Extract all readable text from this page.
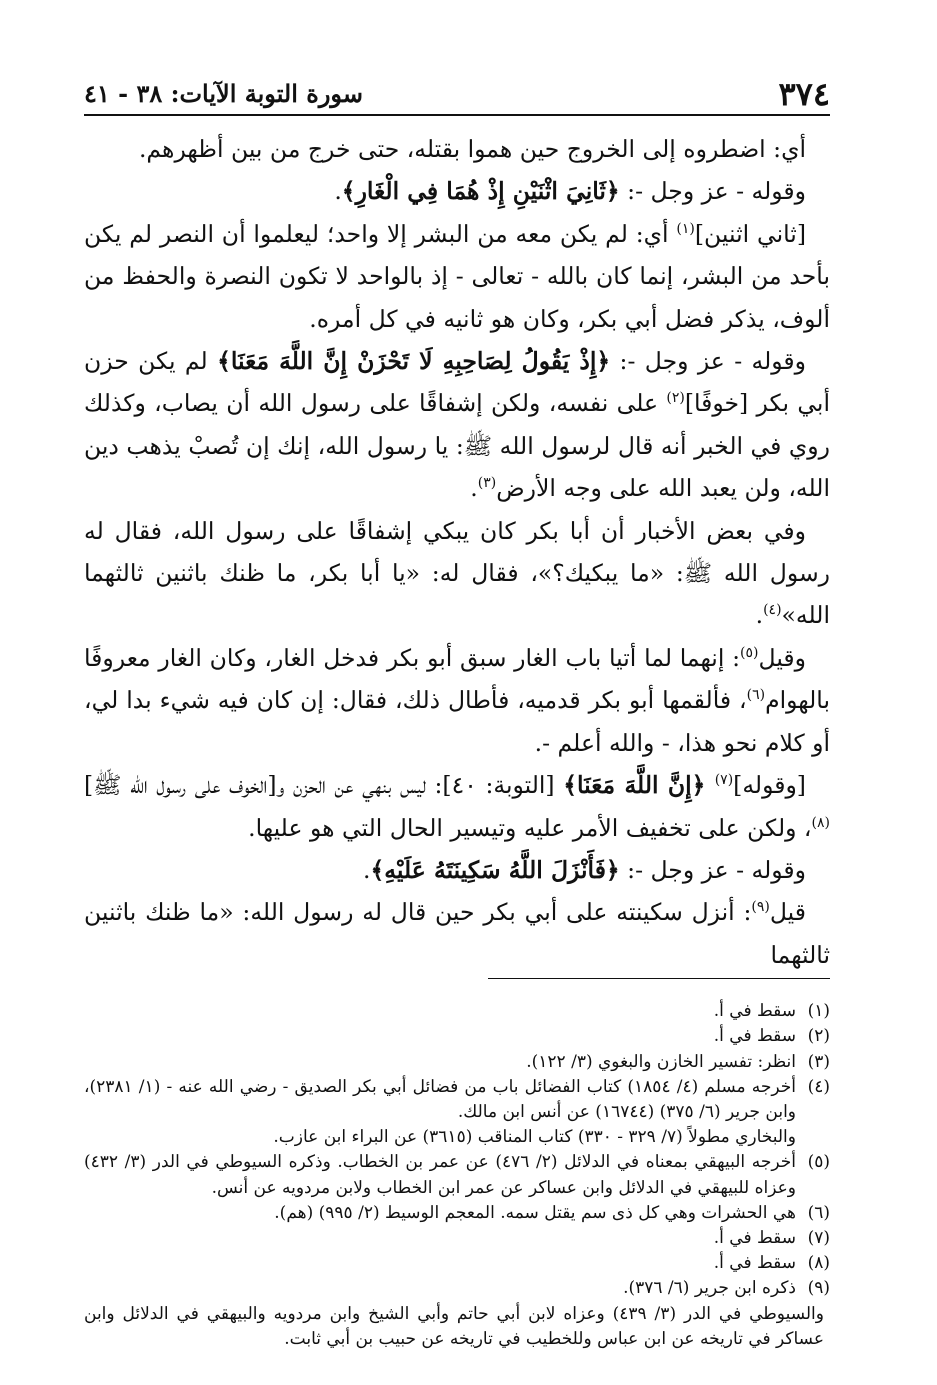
٣٧٤
سورة التوبة الآيات: ٣٨ - ٤١

أي: اضطروه إلى الخروج حين هموا بقتله، حتى خرج من بين أظهرهم.

وقوله - عز وجل -: ﴿ثَانِيَ اثْنَيْنِ إِذْ هُمَا فِي الْغَارِ﴾.

[ثاني اثنين]$^{(١)}$ أي: لم يكن معه من البشر إلا واحد؛ ليعلموا أن النصر لم يكن بأحد من البشر، إنما كان بالله - تعالى - إذ بالواحد لا تكون النصرة والحفظ من ألوف، يذكر فضل أبي بكر، وكان هو ثانيه في كل أمره.

وقوله - عز وجل -: ﴿إِذْ يَقُولُ لِصَاحِبِهِ لَا تَحْزَنْ إِنَّ اللَّهَ مَعَنَا﴾ لم يكن حزن أبي بكر [خوفًا]$^{(٢)}$ على نفسه، ولكن إشفاقًا على رسول الله أن يصاب، وكذلك روي في الخبر أنه قال لرسول الله ﷺ: يا رسول الله، إنك إن تُصبْ يذهب دين الله، ولن يعبد الله على وجه الأرض$^{(٣)}$.

وفي بعض الأخبار أن أبا بكر كان يبكي إشفاقًا على رسول الله، فقال له رسول الله ﷺ: «ما يبكيك؟»، فقال له: «يا أبا بكر، ما ظنك باثنين ثالثهما الله»$^{(٤)}$.

وقيل$^{(٥)}$: إنهما لما أتيا باب الغار سبق أبو بكر فدخل الغار، وكان الغار معروفًا بالهوام$^{(٦)}$، فألقمها أبو بكر قدميه، فأطال ذلك، فقال: إن كان فيه شيء بدا لي، أو كلام نحو هذا، - والله أعلم -.

[وقوله]$^{(٧)}$ ﴿إِنَّ اللَّهَ مَعَنَا﴾ [التوبة: ٤٠]: ليس بنهي عن الحزن و[الخوف على رسول الله ﷺ]$^{(٨)}$، ولكن على تخفيف الأمر عليه وتيسير الحال التي هو عليها.

وقوله - عز وجل -: ﴿فَأَنْزَلَ اللَّهُ سَكِينَتَهُ عَلَيْهِ﴾.

قيل$^{(٩)}$: أنزل سكينته على أبي بكر حين قال له رسول الله: «ما ظنك باثنين ثالثهما

(١)
سقط في أ.
(٢)
سقط في أ.
(٣)
انظر: تفسير الخازن والبغوي (٣/ ١٢٢).
(٤)
أخرجه مسلم (٤/ ١٨٥٤) كتاب الفضائل باب من فضائل أبي بكر الصديق - رضي الله عنه - (١/ ٢٣٨١)، وابن جرير (٦/ ٣٧٥) (١٦٧٤٤) عن أنس ابن مالك.
والبخاري مطولاً (٧/ ٣٢٩ - ٣٣٠) كتاب المناقب (٣٦١٥) عن البراء ابن عازب.
(٥)
أخرجه البيهقي بمعناه في الدلائل (٢/ ٤٧٦) عن عمر بن الخطاب. وذكره السيوطي في الدر (٣/ ٤٣٢) وعزاه للبيهقي في الدلائل وابن عساكر عن عمر ابن الخطاب ولابن مردويه عن أنس.
(٦)
هي الحشرات وهي كل ذى سم يقتل سمه. المعجم الوسيط (٢/ ٩٩٥) (هم).
(٧)
سقط في أ.
(٨)
سقط في أ.
(٩)
ذكره ابن جرير (٦/ ٣٧٦).
والسيوطي في الدر (٣/ ٤٣٩) وعزاه لابن أبي حاتم وأبي الشيخ وابن مردويه والبيهقي في الدلائل وابن عساكر في تاريخه عن ابن عباس وللخطيب في تاريخه عن حبيب بن أبي ثابت.
